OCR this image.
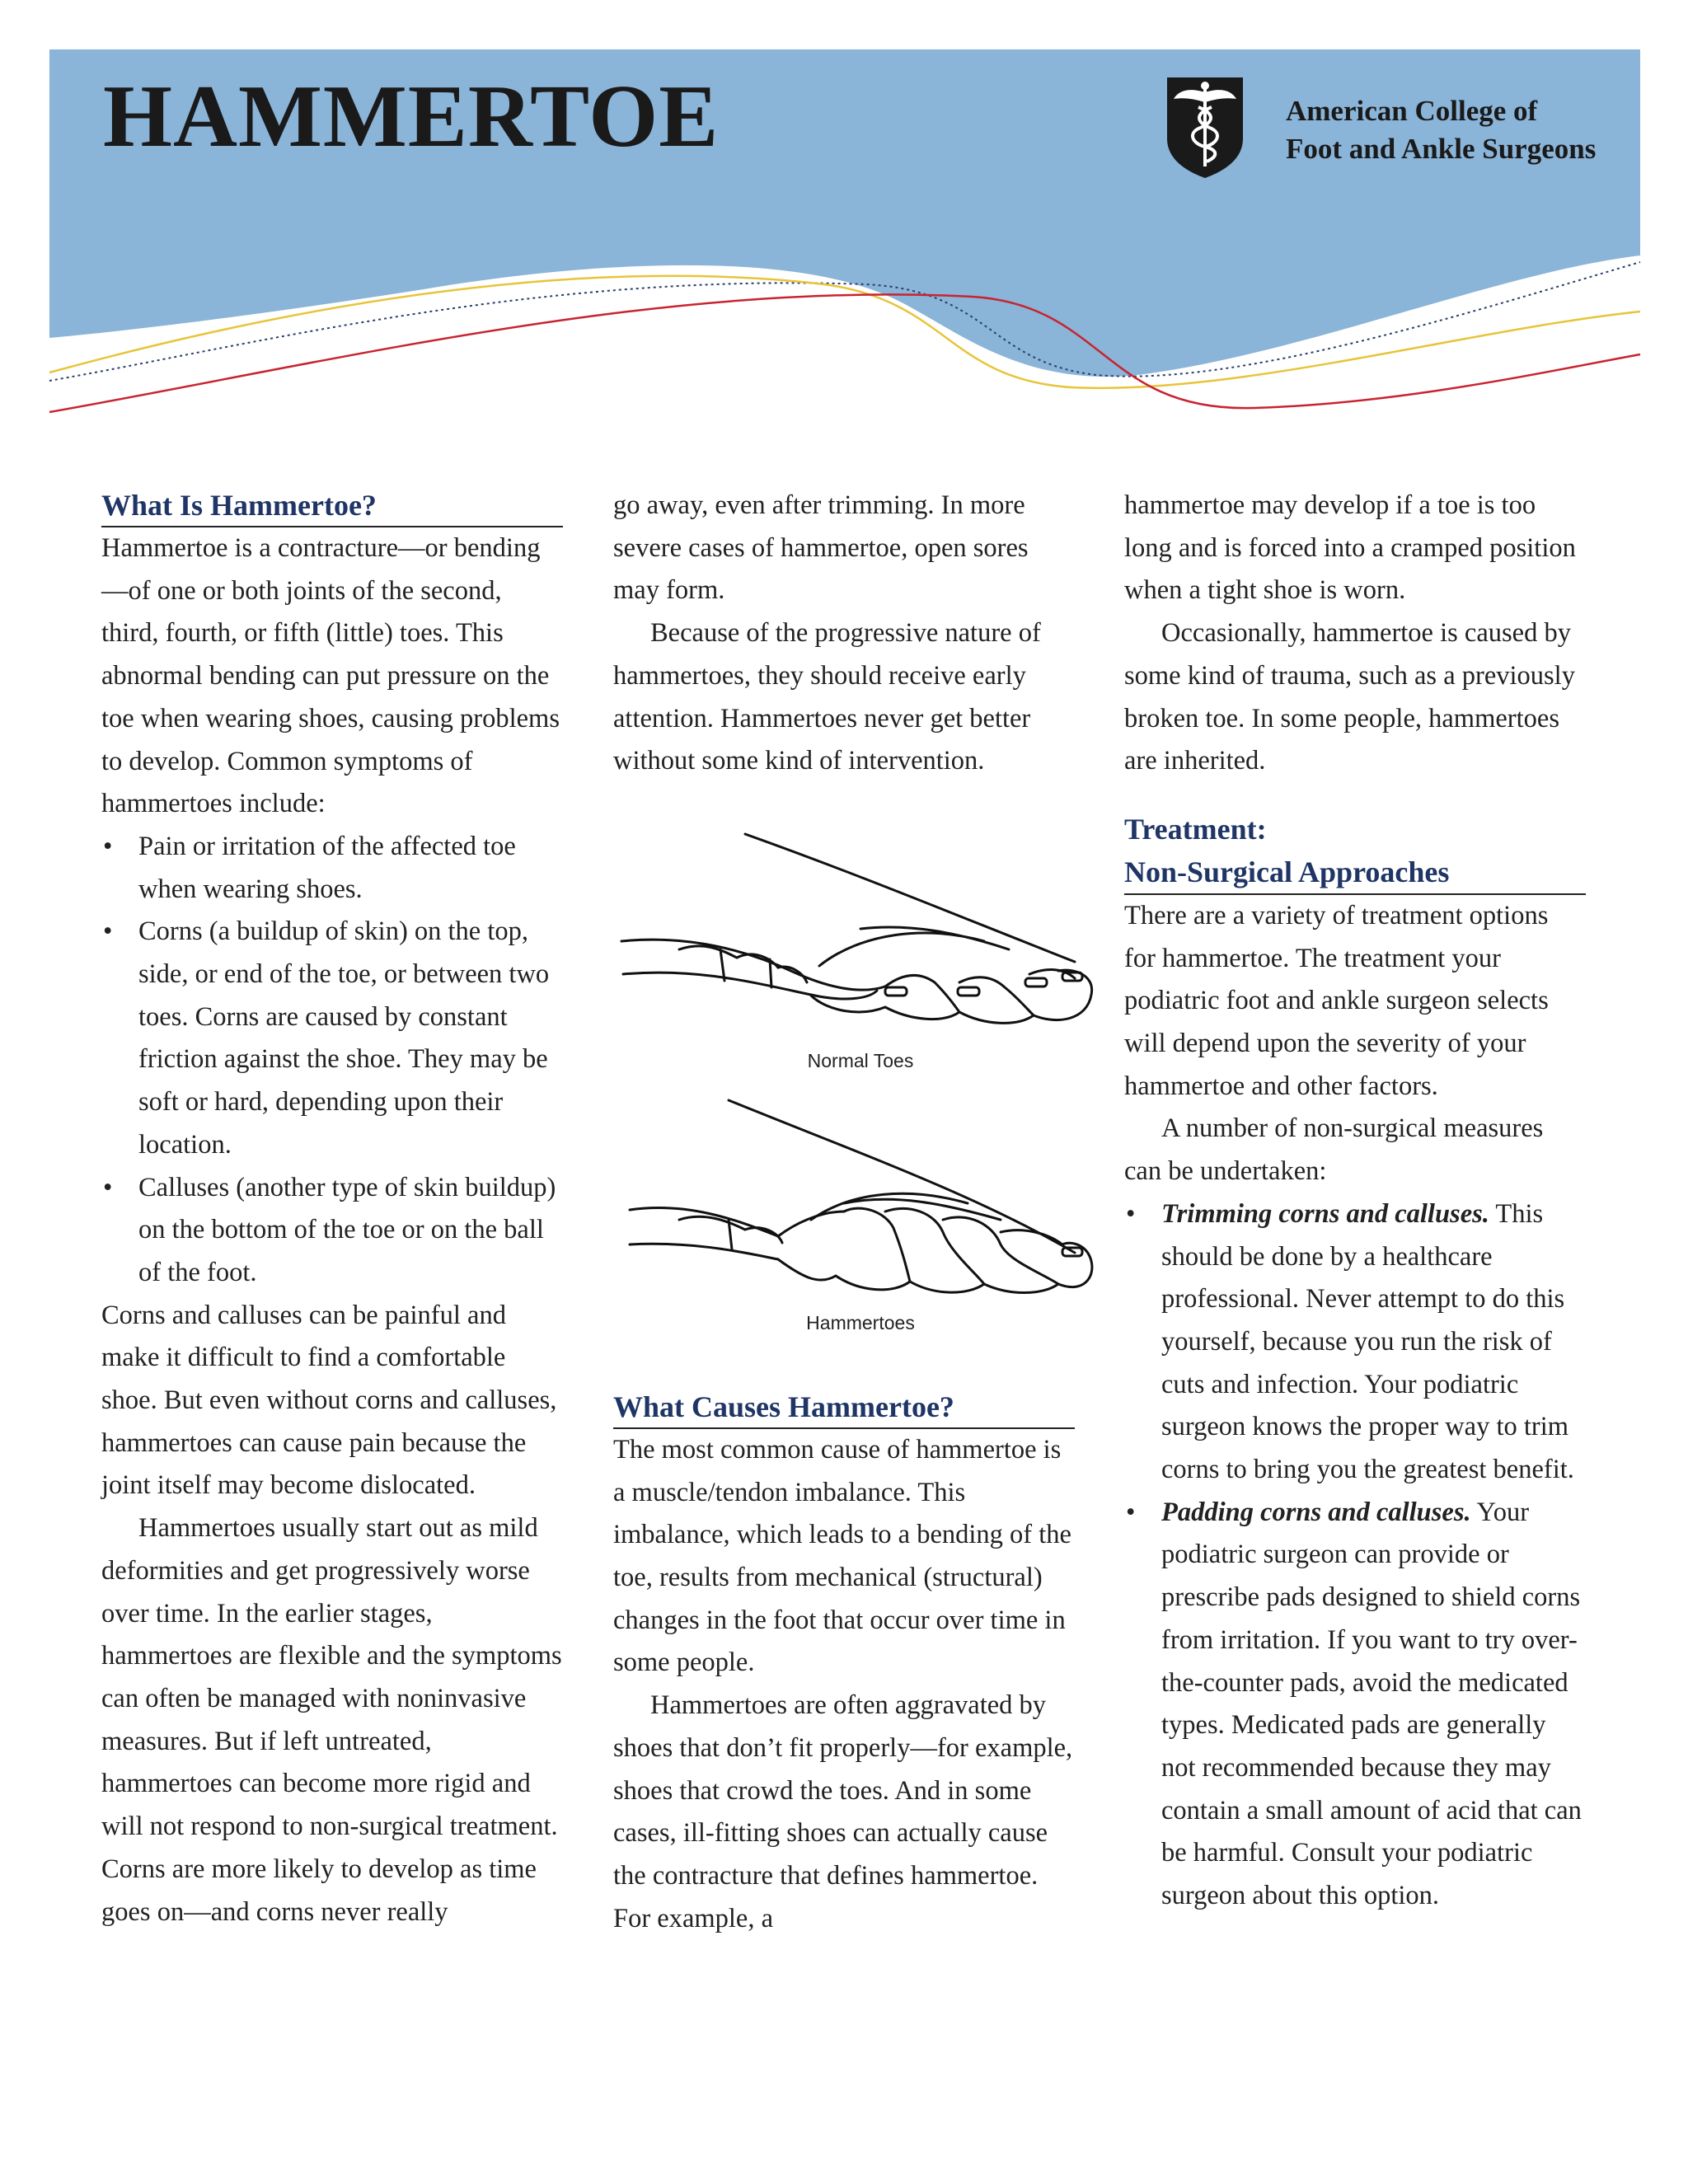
HAMMERTOE	American College of
Foot and Ankle Surgeons
What Is Hammertoe?

Hammertoe is a contracture—or bending—of one or both joints of the second, third, fourth, or fifth (little) toes. This abnormal bending can put pressure on the toe when wearing shoes, causing problems to develop. Common symptoms of hammertoes include:

• Pain or irritation of the affected toe when wearing shoes.
• Corns (a buildup of skin) on the top, side, or end of the toe, or between two toes. Corns are caused by constant friction against the shoe. They may be soft or hard, depending upon their location.
• Calluses (another type of skin buildup) on the bottom of the toe or on the ball of the foot.

Corns and calluses can be painful and make it difficult to find a comfortable shoe. But even without corns and calluses, hammertoes can cause pain because the joint itself may become dislocated.

Hammertoes usually start out as mild deformities and get progressively worse over time. In the earlier stages, hammertoes are flexible and the symptoms can often be managed with noninvasive measures. But if left untreated, hammertoes can become more rigid and will not respond to non-surgical treatment. Corns are more likely to develop as time goes on—and corns never really

go away, even after trimming. In more severe cases of hammertoe, open sores may form.

Because of the progressive nature of hammertoes, they should receive early attention. Hammertoes never get better without some kind of intervention.

Normal Toes
Hammertoes
What Causes Hammertoe?

The most common cause of hammertoe is a muscle/tendon imbalance. This imbalance, which leads to a bending of the toe, results from mechanical (structural) changes in the foot that occur over time in some people.

Hammertoes are often aggravated by shoes that don’t fit properly—for example, shoes that crowd the toes. And in some cases, ill-fitting shoes can actually cause the contracture that defines hammertoe. For example, a

hammertoe may develop if a toe is too long and is forced into a cramped position when a tight shoe is worn.

Occasionally, hammertoe is caused by some kind of trauma, such as a previously broken toe. In some people, hammertoes are inherited.

Treatment:
Non-Surgical Approaches

There are a variety of treatment options for hammertoe. The treatment your podiatric foot and ankle surgeon selects will depend upon the severity of your hammertoe and other factors.

A number of non-surgical measures can be undertaken:

• Trimming corns and calluses. This should be done by a healthcare professional. Never attempt to do this yourself, because you run the risk of cuts and infection. Your podiatric surgeon knows the proper way to trim corns to bring you the greatest benefit.
• Padding corns and calluses. Your podiatric surgeon can provide or prescribe pads designed to shield corns from irritation. If you want to try over-the-counter pads, avoid the medicated types. Medicated pads are generally not recommended because they may contain a small amount of acid that can be harmful. Consult your podiatric surgeon about this option.
